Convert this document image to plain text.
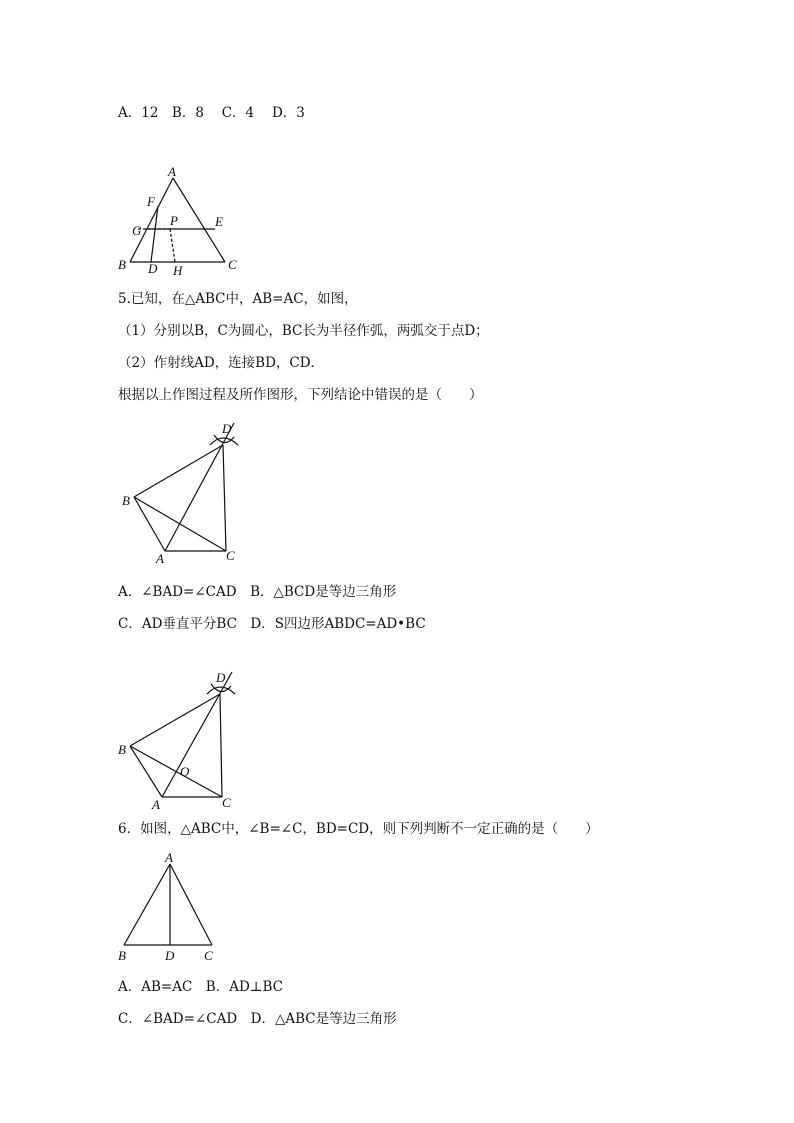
A．12　B．8　 C．4　 D．3
A
F
P	E
G
B D H	C
5.已知，在△ABC中，AB=AC，如图，
（1）分别以B，C为圆心，BC长为半径作弧，两弧交于点D；
（2）作射线AD，连接BD，CD．
根据以上作图过程及所作图形，下列结论中错误的是（　　）
D
B
A	C
A．∠BAD=∠CAD　B．△BCD是等边三角形
C．AD垂直平分BC　D．S四边形ABDC=AD•BC
D
B
O
A	C
6．如图，△ABC中，∠B=∠C，BD=CD，则下列判断不一定正确的是（　　）
A
B	D C
A．AB=AC　B．AD⊥BC
C．∠BAD=∠CAD　D．△ABC是等边三角形
